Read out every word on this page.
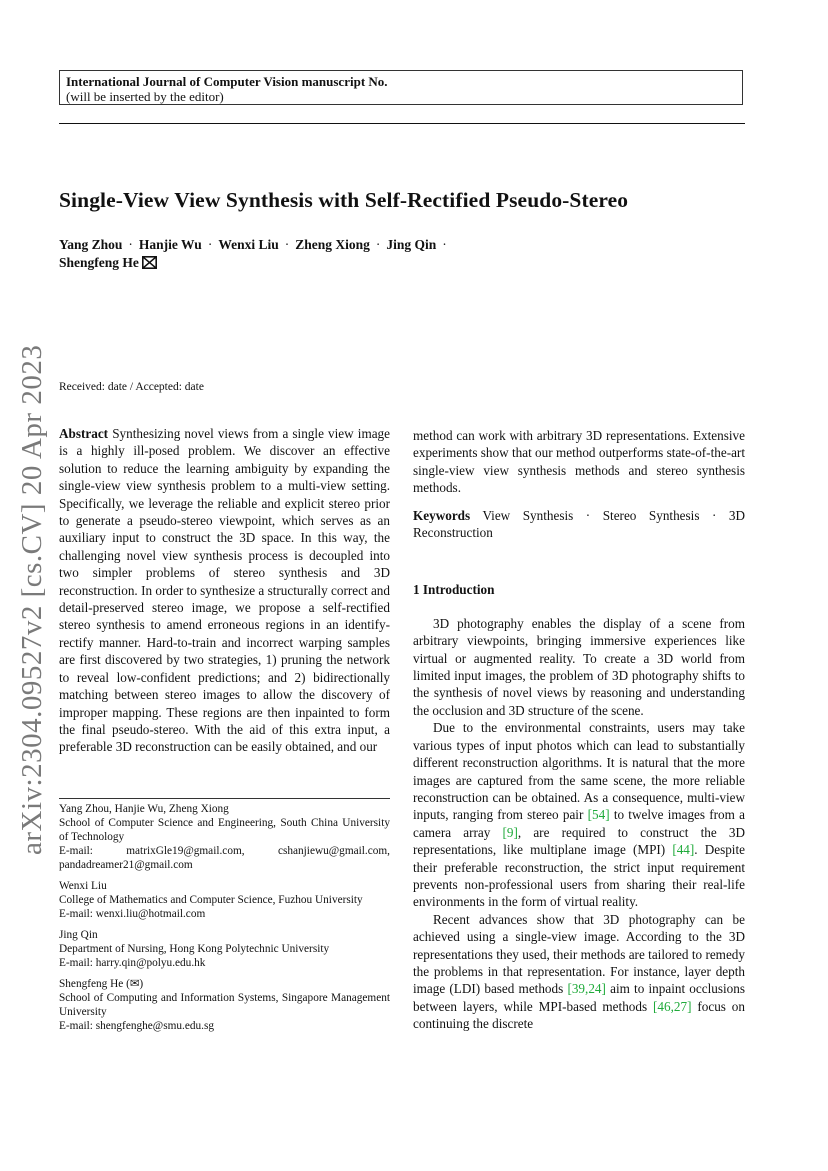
International Journal of Computer Vision manuscript No.
(will be inserted by the editor)
Single-View View Synthesis with Self-Rectified Pseudo-Stereo
Yang Zhou · Hanjie Wu · Wenxi Liu · Zheng Xiong · Jing Qin ·
Shengfeng He
arXiv:2304.09527v2 [cs.CV] 20 Apr 2023 Received: date / Accepted: date

Abstract Synthesizing novel views from a single view image is a highly ill-posed problem. We discover an effective solution to reduce the learning ambiguity by expanding the single-view view synthesis problem to a multi-view setting. Specifically, we leverage the reliable and explicit stereo prior to generate a pseudo-stereo viewpoint, which serves as an auxiliary input to construct the 3D space. In this way, the challenging novel view synthesis process is decoupled into two simpler problems of stereo synthesis and 3D reconstruction. In order to synthesize a structurally correct and detail-preserved stereo image, we propose a self-rectified stereo synthesis to amend erroneous regions in an identify-rectify manner. Hard-to-train and incorrect warping samples are first discovered by two strategies, 1) pruning the network to reveal low-confident predictions; and 2) bidirectionally matching between stereo images to allow the discovery of improper mapping. These regions are then inpainted to form the final pseudo-stereo. With the aid of this extra input, a preferable 3D reconstruction can be easily obtained, and our

Yang Zhou, Hanjie Wu, Zheng Xiong
School of Computer Science and Engineering, South China University of Technology
E-mail: matrixGle19@gmail.com, cshanjiewu@gmail.com, pandadreamer21@gmail.com
Wenxi Liu
College of Mathematics and Computer Science, Fuzhou University
E-mail: wenxi.liu@hotmail.com
Jing Qin
Department of Nursing, Hong Kong Polytechnic University
E-mail: harry.qin@polyu.edu.hk
Shengfeng He (✉)
School of Computing and Information Systems, Singapore Management University
E-mail: shengfenghe@smu.edu.sg

method can work with arbitrary 3D representations. Extensive experiments show that our method outperforms state-of-the-art single-view view synthesis methods and stereo synthesis methods.

Keywords View Synthesis · Stereo Synthesis · 3D Reconstruction

1 Introduction

3D photography enables the display of a scene from arbitrary viewpoints, bringing immersive experiences like virtual or augmented reality. To create a 3D world from limited input images, the problem of 3D photography shifts to the synthesis of novel views by reasoning and understanding the occlusion and 3D structure of the scene.

Due to the environmental constraints, users may take various types of input photos which can lead to substantially different reconstruction algorithms. It is natural that the more images are captured from the same scene, the more reliable reconstruction can be obtained. As a consequence, multi-view inputs, ranging from stereo pair [54] to twelve images from a camera array [9], are required to construct the 3D representations, like multiplane image (MPI) [44]. Despite their preferable reconstruction, the strict input requirement prevents non-professional users from sharing their real-life environments in the form of virtual reality.

Recent advances show that 3D photography can be achieved using a single-view image. According to the 3D representations they used, their methods are tailored to remedy the problems in that representation. For instance, layer depth image (LDI) based methods [39,24] aim to inpaint occlusions between layers, while MPI-based methods [46,27] focus on continuing the discrete
